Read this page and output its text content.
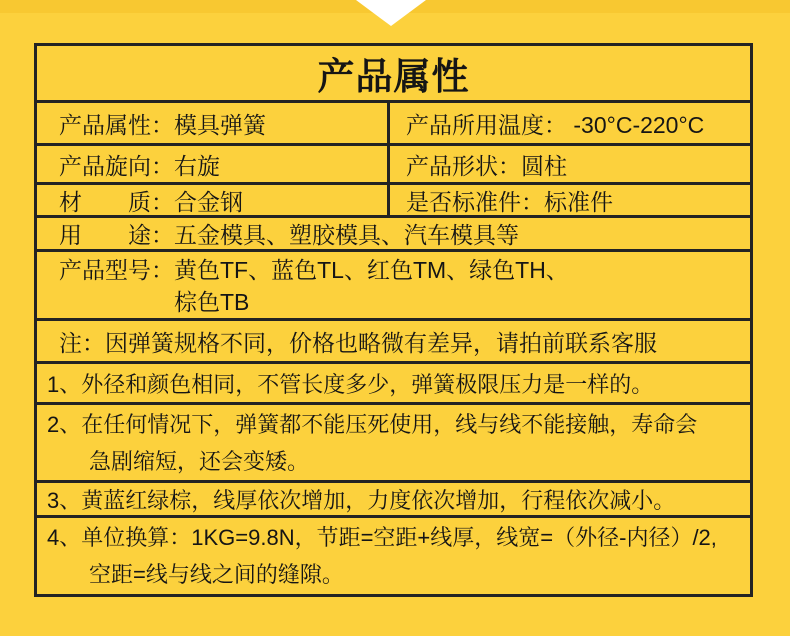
产品属性
产品属性：模具弹簧	产品所用温度： -30°C-220°C
产品旋向：右旋	产品形状：圆柱
材　　质：合金钢	是否标准件：标准件
用　　途：五金模具、塑胶模具、汽车模具等
产品型号： 黄色TF、蓝色TL、红色TM、绿色TH、
棕色TB
注：因弹簧规格不同，价格也略微有差异，请拍前联系客服
1、外径和颜色相同，不管长度多少，弹簧极限压力是一样的。
2、在任何情况下，弹簧都不能压死使用，线与线不能接触，寿命会
急剧缩短，还会变矮。
3、黄蓝红绿棕，线厚依次增加，力度依次增加，行程依次减小。
4、单位换算：1KG=9.8N，节距=空距+线厚，线宽=（外径-内径）/2,
空距=线与线之间的缝隙。
